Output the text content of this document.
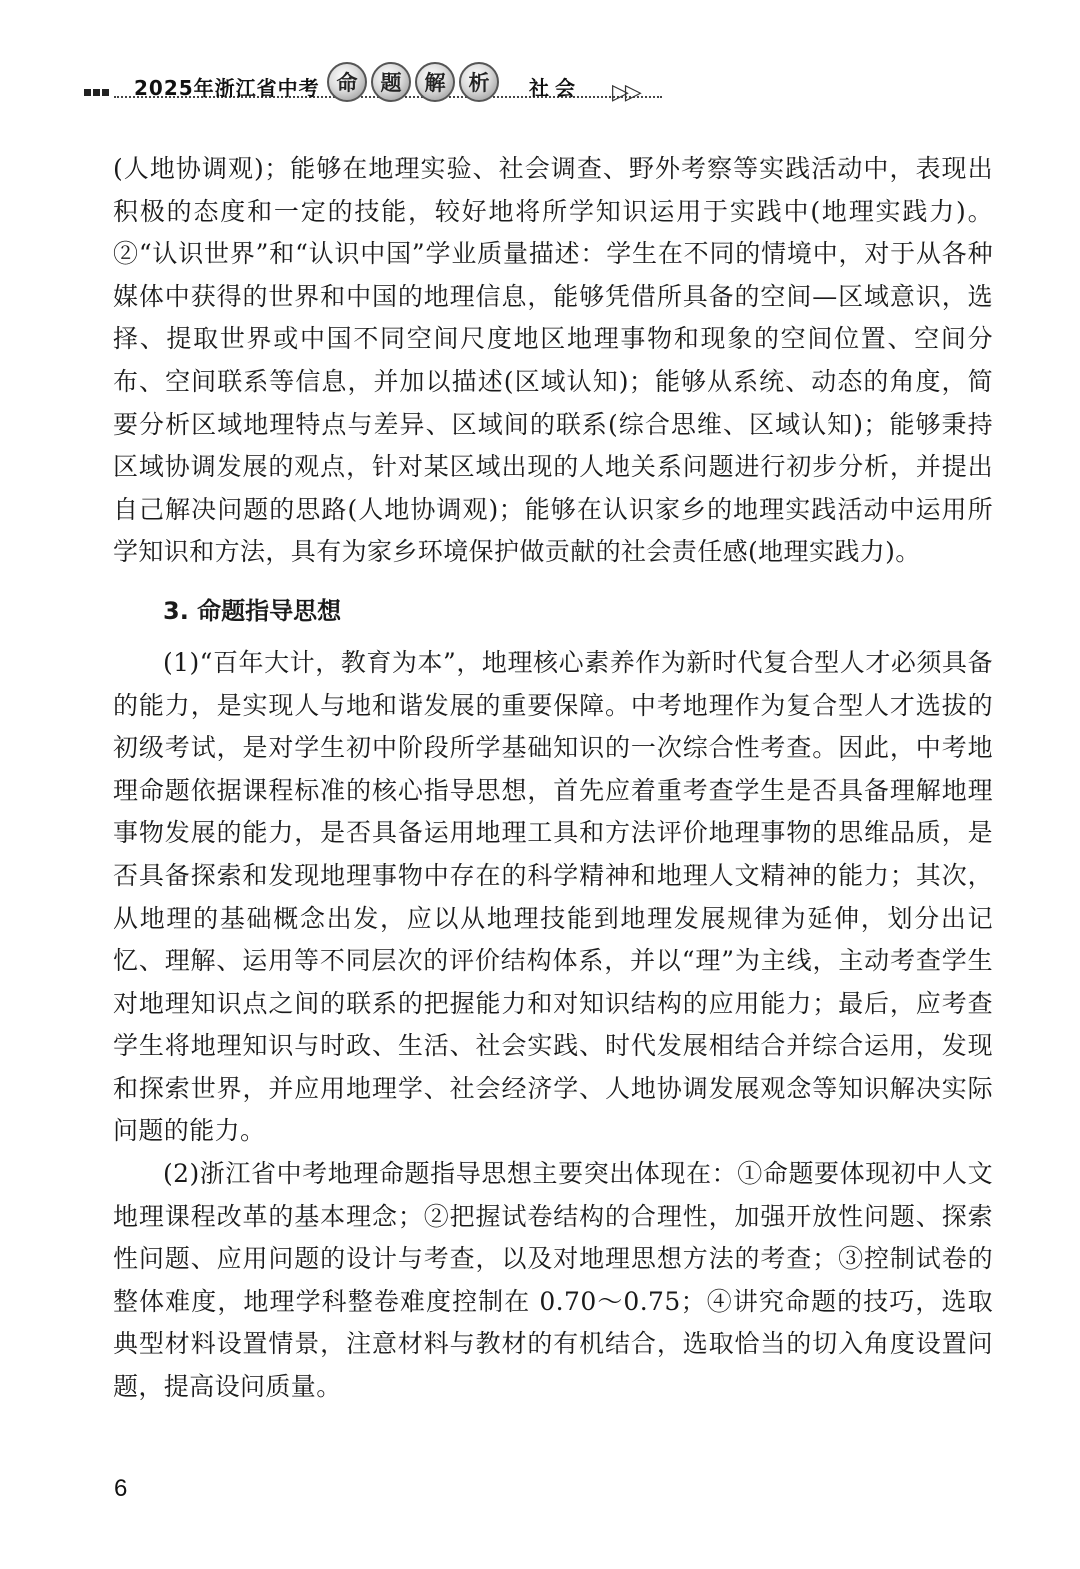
2025年浙江省中考 命	题	解	析	社会 ▷▷

(人地协调观)；能够在地理实验、社会调查、野外考察等实践活动中，表现出积极的态度和一定的技能，较好地将所学知识运用于实践中(地理实践力)。②“认识世界”和“认识中国”学业质量描述：学生在不同的情境中，对于从各种媒体中获得的世界和中国的地理信息，能够凭借所具备的空间—区域意识，选择、提取世界或中国不同空间尺度地区地理事物和现象的空间位置、空间分布、空间联系等信息，并加以描述(区域认知)；能够从系统、动态的角度，简要分析区域地理特点与差异、区域间的联系(综合思维、区域认知)；能够秉持区域协调发展的观点，针对某区域出现的人地关系问题进行初步分析，并提出自己解决问题的思路(人地协调观)；能够在认识家乡的地理实践活动中运用所学知识和方法，具有为家乡环境保护做贡献的社会责任感(地理实践力)。

3. 命题指导思想

(1)“百年大计，教育为本”，地理核心素养作为新时代复合型人才必须具备的能力，是实现人与地和谐发展的重要保障。中考地理作为复合型人才选拔的初级考试，是对学生初中阶段所学基础知识的一次综合性考查。因此，中考地理命题依据课程标准的核心指导思想，首先应着重考查学生是否具备理解地理事物发展的能力，是否具备运用地理工具和方法评价地理事物的思维品质，是否具备探索和发现地理事物中存在的科学精神和地理人文精神的能力；其次，从地理的基础概念出发，应以从地理技能到地理发展规律为延伸，划分出记忆、理解、运用等不同层次的评价结构体系，并以“理”为主线，主动考查学生对地理知识点之间的联系的把握能力和对知识结构的应用能力；最后，应考查学生将地理知识与时政、生活、社会实践、时代发展相结合并综合运用，发现和探索世界，并应用地理学、社会经济学、人地协调发展观念等知识解决实际问题的能力。

(2)浙江省中考地理命题指导思想主要突出体现在：①命题要体现初中人文地理课程改革的基本理念；②把握试卷结构的合理性，加强开放性问题、探索性问题、应用问题的设计与考查，以及对地理思想方法的考查；③控制试卷的整体难度，地理学科整卷难度控制在 0.70～0.75；④讲究命题的技巧，选取典型材料设置情景，注意材料与教材的有机结合，选取恰当的切入角度设置问题，提高设问质量。

6
